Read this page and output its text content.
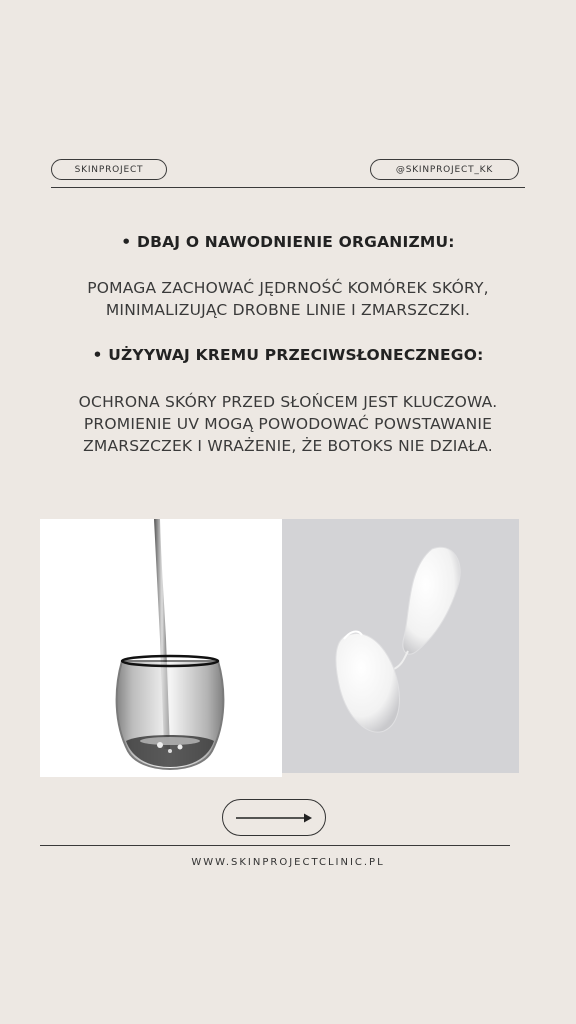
SKINPROJECT	@SKINPROJECT_KK
• DBAJ O NAWODNIENIE ORGANIZMU:
POMAGA ZACHOWAĆ JĘDRNOŚĆ KOMÓREK SKÓRY,
MINIMALIZUJĄC DROBNE LINIE I ZMARSZCZKI.
• UŻYYWAJ KREMU PRZECIWSŁONECZNEGO:
OCHRONA SKÓRY PRZED SŁOŃCEM JEST KLUCZOWA.
PROMIENIE UV MOGĄ POWODOWAĆ POWSTAWANIE
ZMARSZCZEK I WRAŻENIE, ŻE BOTOKS NIE DZIAŁA.
WWW.SKINPROJECTCLINIC.PL
